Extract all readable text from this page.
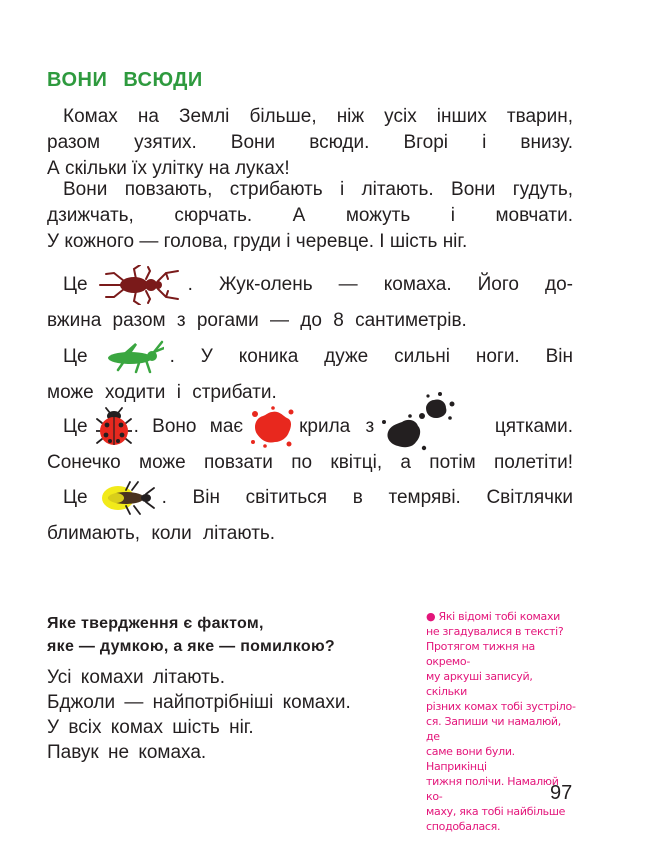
ВОНИ ВСЮДИ
Комах на Землі більше, ніж усіх інших тварин,
разом узятих. Вони всюди. Вгорі і внизу.
А скільки їх улітку на луках!
Вони повзають, стрибають і літають. Вони гудуть,
дзижчать, сюрчать. А можуть і мовчати.
У кожного — голова, груди і черевце. І шість ніг.
Це	. Жук-олень — комаха. Його до-
вжина разом з рогами — до 8 сантиметрів.
Це	. У коника дуже сильні ноги. Він
може ходити і стрибати.
Це . Воно має	крила з	цятками.
Сонечко може повзати по квітці, а потім полетіти!
Це	. Він світиться в темряві. Світлячки
блимають, коли літають.
Яке твердження є фактом,
яке — думкою, а яке — помилкою?
Усі комахи літають.
Бджоли — найпотрібніші комахи.
У всіх комах шість ніг.
Павук не комаха.

● Які відомі тобі комахи

не згадувалися в тексті?

Протягом тижня на окремо-

му аркуші записуй, скільки

різних комах тобі зустріло-

ся. Запиши чи намалюй, де

саме вони були. Наприкінці

тижня полічи. Намалюй ко-

маху, яка тобі найбільше

сподобалася.

97
